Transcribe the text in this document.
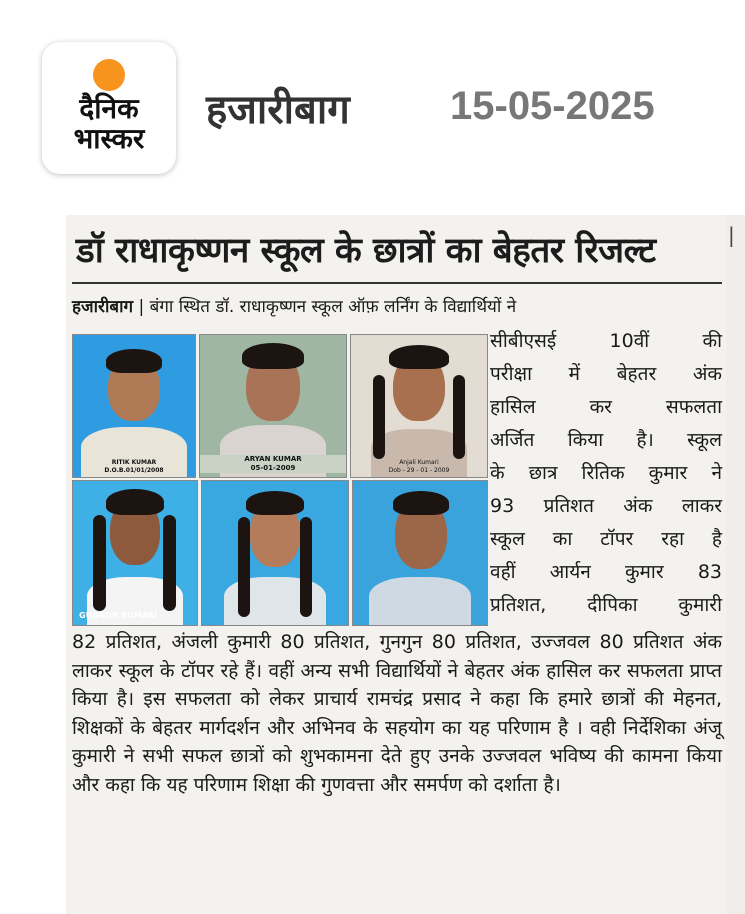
दैनिक
भास्कर
हजारीबाग	15-05-2025
|
डॉ राधाकृष्णन स्कूल के छात्रों का बेहतर रिजल्ट
हजारीबाग | बंगा स्थित डॉ. राधाकृष्णन स्कूल ऑफ़ लर्निंग के विद्यार्थियों ने
RITIK KUMAR
D.O.B.01/01/2008
ARYAN KUMAR
05-01-2009
Anjali Kumari
Dob - 29 - 01 - 2009
GUNGUN KUMARI
सीबीएसई 10वीं की
परीक्षा में बेहतर अंक
हासिल कर सफलता
अर्जित किया है। स्कूल
के छात्र रितिक कुमार ने
93 प्रतिशत अंक लाकर
स्कूल का टॉपर रहा है
वहीं आर्यन कुमार 83
प्रतिशत, दीपिका कुमारी
82 प्रतिशत, अंजली कुमारी 80 प्रतिशत, गुनगुन 80 प्रतिशत, उज्जवल 80 प्रतिशत अंक लाकर स्कूल के टॉपर रहे हैं। वहीं अन्य सभी विद्यार्थियों ने बेहतर अंक हासिल कर सफलता प्राप्त किया है। इस सफलता को लेकर प्राचार्य रामचंद्र प्रसाद ने कहा कि हमारे छात्रों की मेहनत, शिक्षकों के बेहतर मार्गदर्शन और अभिनव के सहयोग का यह परिणाम है । वही निर्देशिका अंजू कुमारी ने सभी सफल छात्रों को शुभकामना देते हुए उनके उज्जवल भविष्य की कामना किया और कहा कि यह परिणाम शिक्षा की गुणवत्ता और समर्पण को दर्शाता है।
